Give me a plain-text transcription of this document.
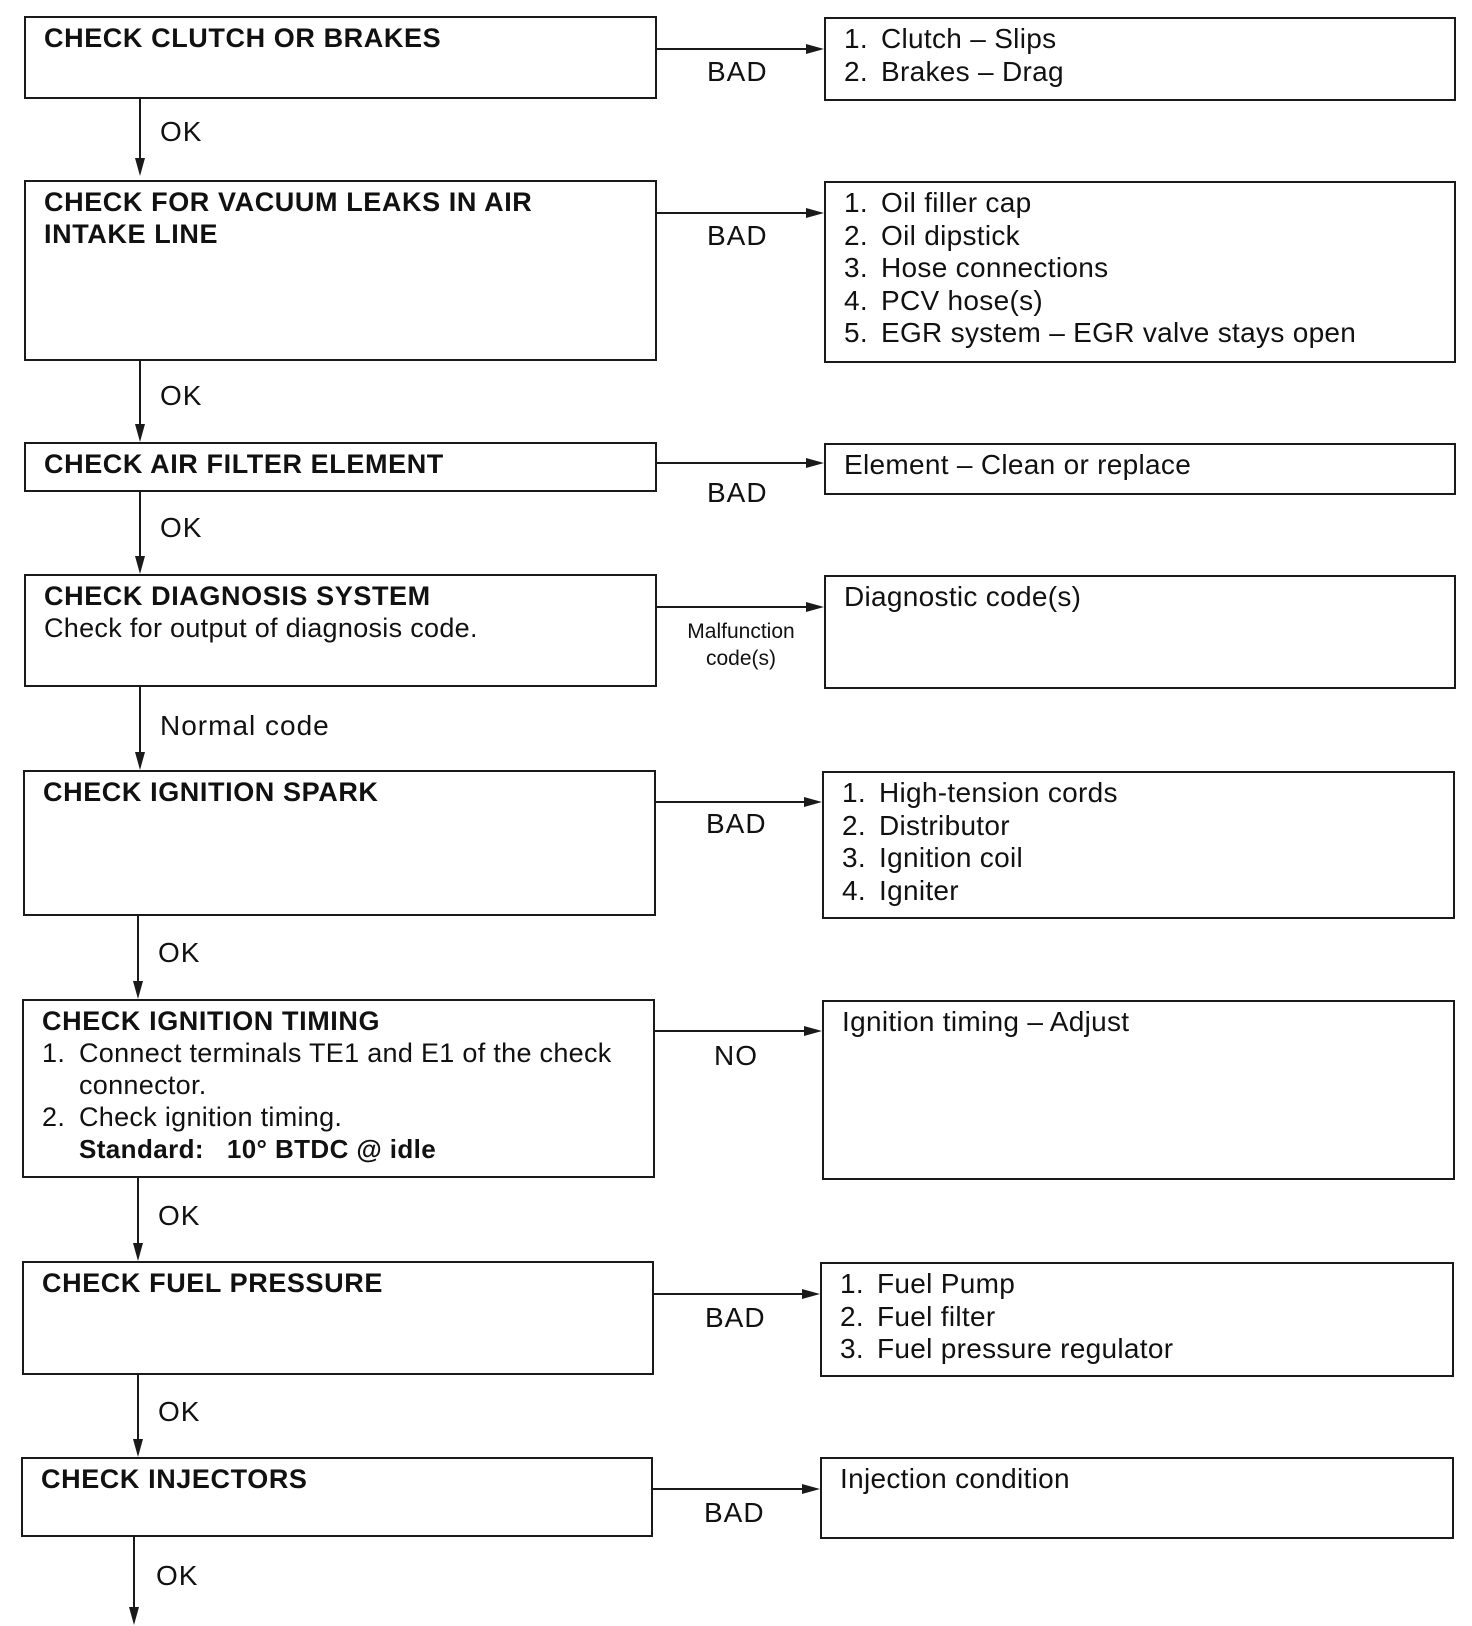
CHECK CLUTCH OR BRAKES
BAD
1. Clutch – Slips
2. Brakes – Drag
OK
CHECK FOR VACUUM LEAKS IN AIR
INTAKE LINE	BAD
1. Oil filler cap
2. Oil dipstick
3. Hose connections
4. PCV hose(s)
5. EGR system – EGR valve stays open
OK
CHECK AIR FILTER ELEMENT
BAD
Element – Clean or replace
OK
CHECK DIAGNOSIS SYSTEM
Check for output of diagnosis code.	Malfunction
code(s)
Diagnostic code(s)
Normal code
CHECK IGNITION SPARK
BAD
1. High-tension cords
2. Distributor
3. Ignition coil
4. Igniter
OK
CHECK IGNITION TIMING
1. Connect terminals TE1 and E1 of the check connector.
2. Check ignition timing.
Standard: 10° BTDC @ idle
NO
Ignition timing – Adjust
OK
CHECK FUEL PRESSURE
BAD
1. Fuel Pump
2. Fuel filter
3. Fuel pressure regulator
OK
CHECK INJECTORS
BAD
Injection condition
OK
